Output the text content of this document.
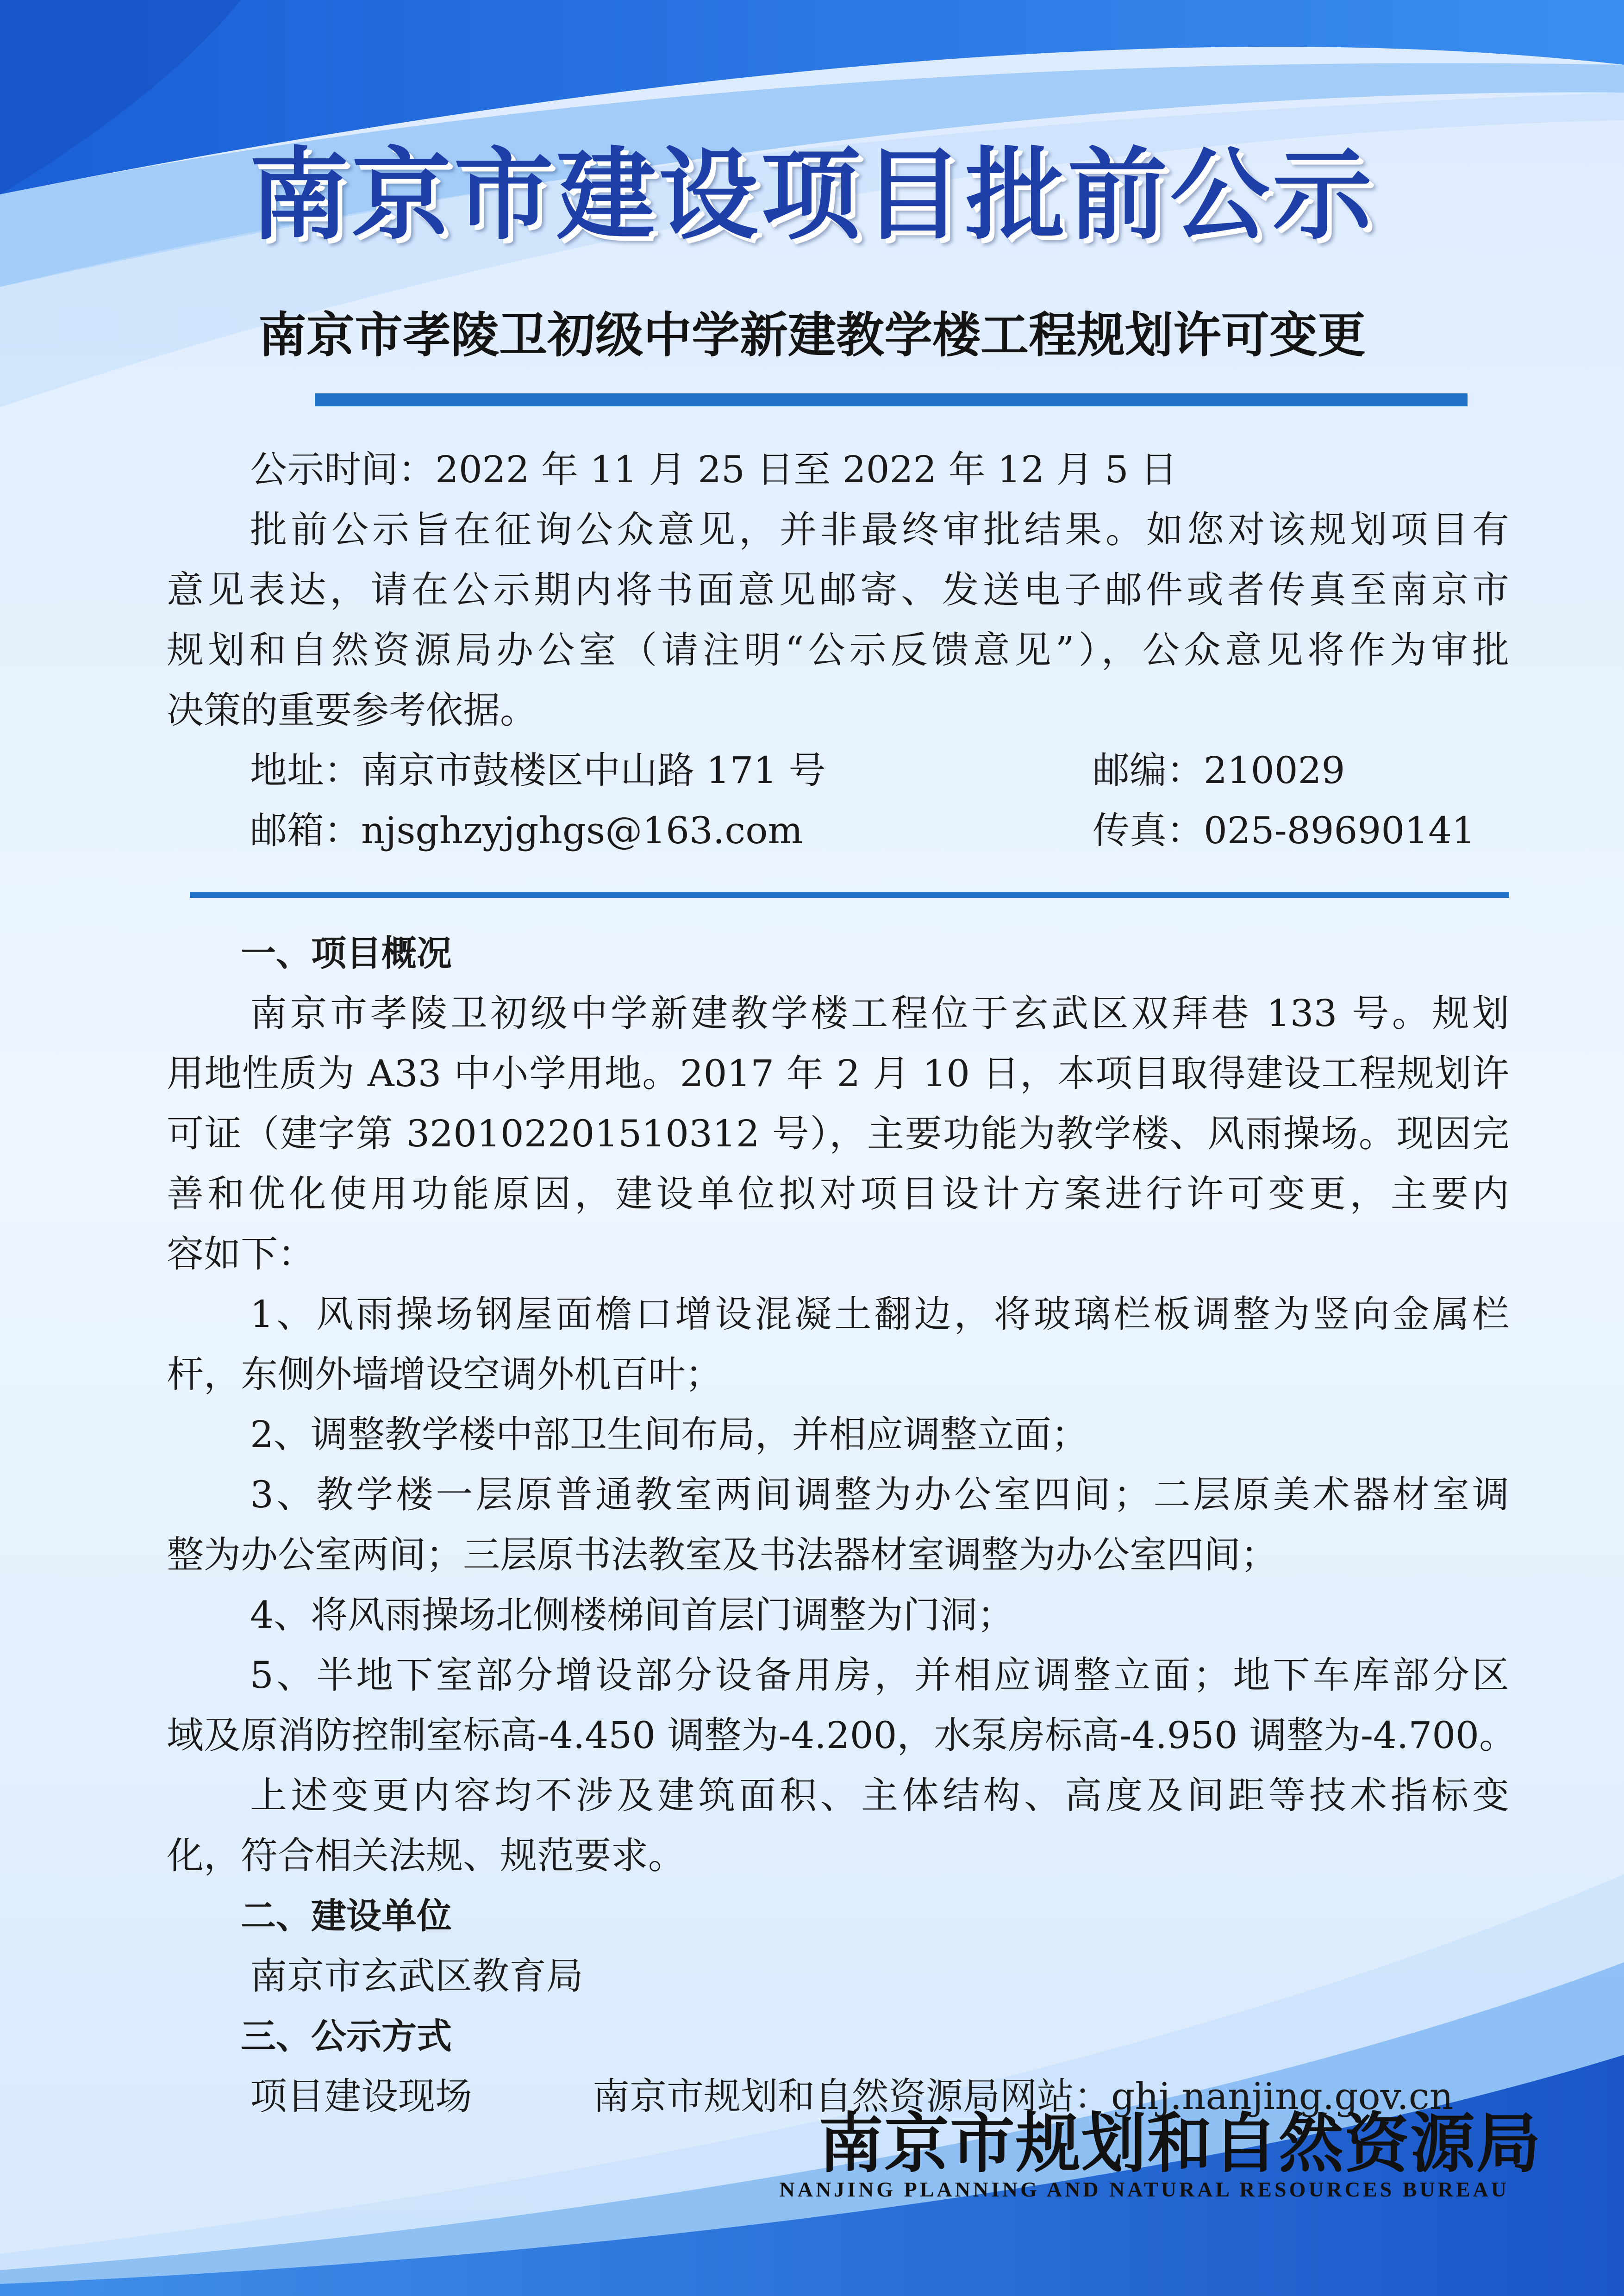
南京市建设项目批前公示
南京市孝陵卫初级中学新建教学楼工程规划许可变更
公示时间：2022 年 11 月 25 日至 2022 年 12 月 5 日
批前公示旨在征询公众意见，并非最终审批结果。如您对该规划项目有
意见表达，请在公示期内将书面意见邮寄、发送电子邮件或者传真至南京市
规划和自然资源局办公室（请注明“公示反馈意见”），公众意见将作为审批
决策的重要参考依据。
地址：南京市鼓楼区中山路 171 号	邮编：210029
邮箱：njsghzyjghgs@163.com	传真：025-89690141
一、项目概况
南京市孝陵卫初级中学新建教学楼工程位于玄武区双拜巷 133 号。规划
用地性质为 A33 中小学用地。2017 年 2 月 10 日，本项目取得建设工程规划许
可证（建字第 320102201510312 号），主要功能为教学楼、风雨操场。现因完
善和优化使用功能原因，建设单位拟对项目设计方案进行许可变更，主要内
容如下：
1、风雨操场钢屋面檐口增设混凝土翻边，将玻璃栏板调整为竖向金属栏
杆，东侧外墙增设空调外机百叶；
2、调整教学楼中部卫生间布局，并相应调整立面；
3、教学楼一层原普通教室两间调整为办公室四间；二层原美术器材室调
整为办公室两间；三层原书法教室及书法器材室调整为办公室四间；
4、将风雨操场北侧楼梯间首层门调整为门洞；
5、半地下室部分增设部分设备用房，并相应调整立面；地下车库部分区
域及原消防控制室标高-4.450 调整为-4.200，水泵房标高-4.950 调整为-4.700。
上述变更内容均不涉及建筑面积、主体结构、高度及间距等技术指标变
化，符合相关法规、规范要求。
二、建设单位
南京市玄武区教育局
三、公示方式
项目建设现场	南京市规划和自然资源局网站：ghj.nanjing.gov.cn
南京市规划和自然资源局
NANJING PLANNING AND NATURAL RESOURCES BUREAU
